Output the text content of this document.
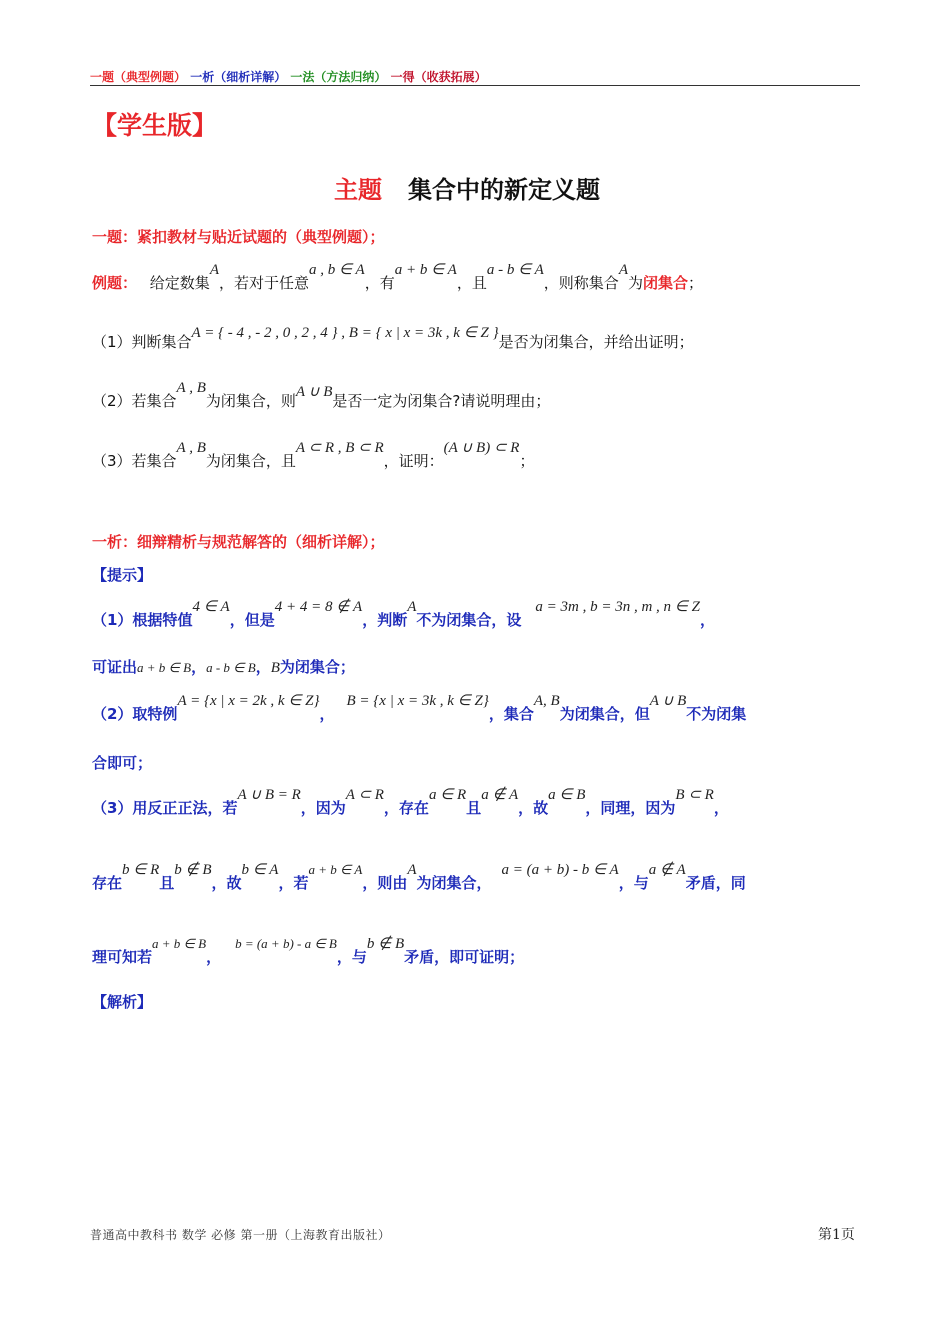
一题（典型例题） 一析（细析详解） 一法（方法归纳） 一得（收获拓展）
【学生版】
主题 集合中的新定义题
一题：紧扣教材与贴近试题的（典型例题）；
例题： 给定数集A，若对于任意a , b ∈ A，有a + b ∈ A，且a - b ∈ A，则称集合A为闭集合；
（1）判断集合A = { - 4 , - 2 , 0 , 2 , 4 } , B = { x | x = 3k , k ∈ Z }是否为闭集合，并给出证明；
（2）若集合A , B为闭集合，则A ∪ B是否一定为闭集合?请说明理由；
（3）若集合A , B为闭集合，且A ⊂ R , B ⊂ R，证明：(A ∪ B) ⊂ R；
一析：细辩精析与规范解答的（细析详解）；
【提示】
（1）根据特值4 ∈ A，但是4 + 4 = 8 ∉ A，判断A不为闭集合，设a = 3m , b = 3n , m , n ∈ Z，
可证出a + b ∈ B，a - b ∈ B，B为闭集合；
（2）取特例A = {x | x = 2k , k ∈ Z}，B = {x | x = 3k , k ∈ Z}，集合A, B为闭集合，但A ∪ B不为闭集
合即可；
（3）用反正正法，若A ∪ B = R，因为A ⊂ R，存在a ∈ R且a ∉ A，故a ∈ B，同理，因为B ⊂ R，
存在b ∈ R且b ∉ B，故b ∈ A，若a + b ∈ A，则由A为闭集合，a = (a + b) - b ∈ A，与a ∉ A矛盾，同
理可知若a + b ∈ B，b = (a + b) - a ∈ B，与b ∉ B矛盾，即可证明；
【解析】
普通高中教科书 数学 必修 第一册（上海教育出版社）	第1页
